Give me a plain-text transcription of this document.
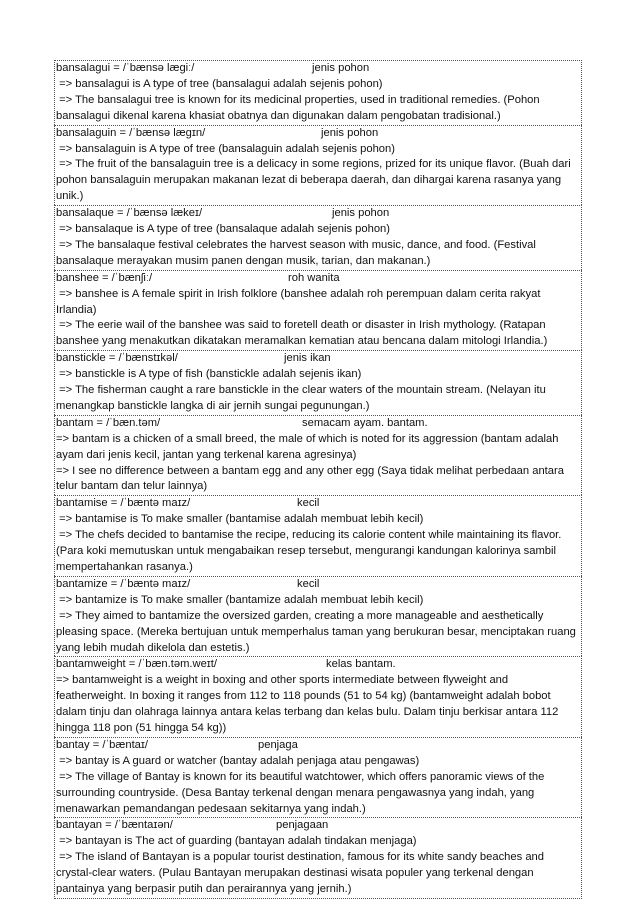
bansalagui = /ˈbænsə læɡiː/	jenis pohon
=> bansalagui is A type of tree (bansalagui adalah sejenis pohon)
=> The bansalagui tree is known for its medicinal properties, used in traditional remedies. (Pohon bansalagui dikenal karena khasiat obatnya dan digunakan dalam pengobatan tradisional.)
bansalaguin = /ˈbænsə læɡɪn/	jenis pohon
=> bansalaguin is A type of tree (bansalaguin adalah sejenis pohon)
=> The fruit of the bansalaguin tree is a delicacy in some regions, prized for its unique flavor. (Buah dari pohon bansalaguin merupakan makanan lezat di beberapa daerah, dan dihargai karena rasanya yang unik.)
bansalaque = /ˈbænsə lækeɪ/	jenis pohon
=> bansalaque is A type of tree (bansalaque adalah sejenis pohon)
=> The bansalaque festival celebrates the harvest season with music, dance, and food. (Festival bansalaque merayakan musim panen dengan musik, tarian, dan makanan.)
banshee = /ˈbænʃiː/	roh wanita
=> banshee is A female spirit in Irish folklore (banshee adalah roh perempuan dalam cerita rakyat Irlandia)
=> The eerie wail of the banshee was said to foretell death or disaster in Irish mythology. (Ratapan banshee yang menakutkan dikatakan meramalkan kematian atau bencana dalam mitologi Irlandia.)
banstickle = /ˈbænstɪkəl/	jenis ikan
=> banstickle is A type of fish (banstickle adalah sejenis ikan)
=> The fisherman caught a rare banstickle in the clear waters of the mountain stream. (Nelayan itu menangkap banstickle langka di air jernih sungai pegunungan.)
bantam = /ˈbæn.təm/	semacam ayam. bantam.
=> bantam is a chicken of a small breed, the male of which is noted for its aggression (bantam adalah ayam dari jenis kecil, jantan yang terkenal karena agresinya)
=> I see no difference between a bantam egg and any other egg (Saya tidak melihat perbedaan antara telur bantam dan telur lainnya)
bantamise = /ˈbæntə maɪz/	kecil
=> bantamise is To make smaller (bantamise adalah membuat lebih kecil)
=> The chefs decided to bantamise the recipe, reducing its calorie content while maintaining its flavor. (Para koki memutuskan untuk mengabaikan resep tersebut, mengurangi kandungan kalorinya sambil mempertahankan rasanya.)
bantamize = /ˈbæntə maɪz/	kecil
=> bantamize is To make smaller (bantamize adalah membuat lebih kecil)
=> They aimed to bantamize the oversized garden, creating a more manageable and aesthetically pleasing space. (Mereka bertujuan untuk memperhalus taman yang berukuran besar, menciptakan ruang yang lebih mudah dikelola dan estetis.)
bantamweight = /ˈbæn.təm.weɪt/	kelas bantam.
=> bantamweight is a weight in boxing and other sports intermediate between flyweight and featherweight. In boxing it ranges from 112 to 118 pounds (51 to 54 kg) (bantamweight adalah bobot dalam tinju dan olahraga lainnya antara kelas terbang dan kelas bulu. Dalam tinju berkisar antara 112 hingga 118 pon (51 hingga 54 kg))
bantay = /ˈbæntaɪ/	penjaga
=> bantay is A guard or watcher (bantay adalah penjaga atau pengawas)
=> The village of Bantay is known for its beautiful watchtower, which offers panoramic views of the surrounding countryside. (Desa Bantay terkenal dengan menara pengawasnya yang indah, yang menawarkan pemandangan pedesaan sekitarnya yang indah.)
bantayan = /ˈbæntaɪən/	penjagaan
=> bantayan is The act of guarding (bantayan adalah tindakan menjaga)
=> The island of Bantayan is a popular tourist destination, famous for its white sandy beaches and crystal-clear waters. (Pulau Bantayan merupakan destinasi wisata populer yang terkenal dengan pantainya yang berpasir putih dan perairannya yang jernih.)
